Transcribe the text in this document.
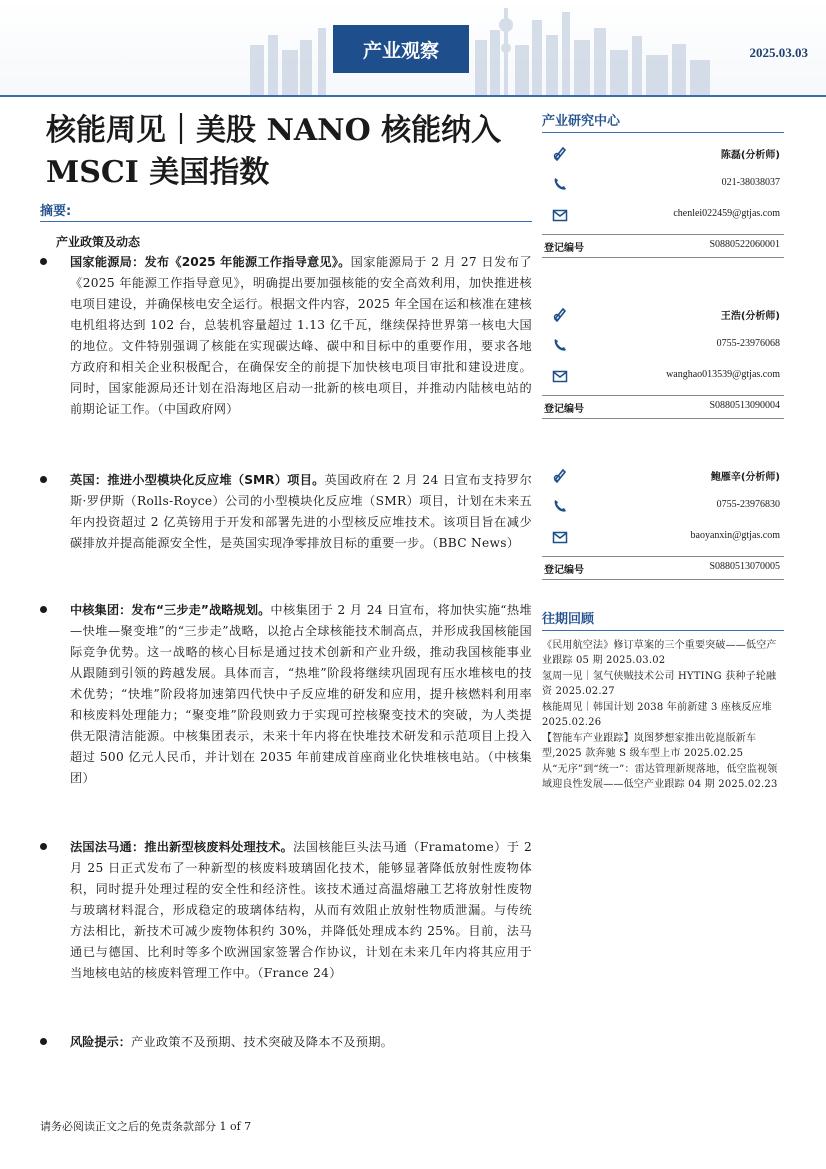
产业观察	2025.03.03
核能周见｜美股 NANO 核能纳入 MSCI 美国指数
摘要:
产业政策及动态

国家能源局：发布《2025 年能源工作指导意见》。国家能源局于 2 月 27 日发布了《2025 年能源工作指导意见》，明确提出要加强核能的安全高效利用，加快推进核电项目建设，并确保核电安全运行。根据文件内容，2025 年全国在运和核准在建核电机组将达到 102 台，总装机容量超过 1.13 亿千瓦，继续保持世界第一核电大国的地位。文件特别强调了核能在实现碳达峰、碳中和目标中的重要作用，要求各地方政府和相关企业积极配合，在确保安全的前提下加快核电项目审批和建设进度。同时，国家能源局还计划在沿海地区启动一批新的核电项目，并推动内陆核电站的前期论证工作。（中国政府网）

英国：推进小型模块化反应堆（SMR）项目。英国政府在 2 月 24 日宣布支持罗尔斯·罗伊斯（Rolls-Royce）公司的小型模块化反应堆（SMR）项目，计划在未来五年内投资超过 2 亿英镑用于开发和部署先进的小型核反应堆技术。该项目旨在减少碳排放并提高能源安全性，是英国实现净零排放目标的重要一步。（BBC News）

中核集团：发布“三步走”战略规划。中核集团于 2 月 24 日宣布，将加快实施“热堆—快堆—聚变堆”的“三步走”战略，以抢占全球核能技术制高点，并形成我国核能国际竞争优势。这一战略的核心目标是通过技术创新和产业升级，推动我国核能事业从跟随到引领的跨越发展。具体而言，“热堆”阶段将继续巩固现有压水堆核电的技术优势；“快堆”阶段将加速第四代快中子反应堆的研发和应用，提升核燃料利用率和核废料处理能力；“聚变堆”阶段则致力于实现可控核聚变技术的突破，为人类提供无限清洁能源。中核集团表示，未来十年内将在快堆技术研发和示范项目上投入超过 500 亿元人民币，并计划在 2035 年前建成首座商业化快堆核电站。（中核集团）

法国法马通：推出新型核废料处理技术。法国核能巨头法马通（Framatome）于 2 月 25 日正式发布了一种新型的核废料玻璃固化技术，能够显著降低放射性废物体积，同时提升处理过程的安全性和经济性。该技术通过高温熔融工艺将放射性废物与玻璃材料混合，形成稳定的玻璃体结构，从而有效阻止放射性物质泄漏。与传统方法相比，新技术可减少废物体积约 30%，并降低处理成本约 25%。目前，法马通已与德国、比利时等多个欧洲国家签署合作协议，计划在未来几年内将其应用于当地核电站的核废料管理工作中。（France 24）

风险提示：产业政策不及预期、技术突破及降本不及预期。

产业研究中心
陈磊(分析师)
021-38038037
chenlei022459@gtjas.com
登记编号	S0880522060001
王浩(分析师)
0755-23976068
wanghao013539@gtjas.com
登记编号	S0880513090004
鲍雁辛(分析师)
0755-23976830
baoyanxin@gtjas.com
登记编号	S0880513070005
往期回顾
《民用航空法》修订草案的三个重要突破——低空产业跟踪 05 期 2025.03.02
氢周一见｜氢气侠贼技术公司 HYTING 获种子轮融资 2025.02.27
核能周见｜韩国计划 2038 年前新建 3 座核反应堆 2025.02.26
【智能车产业跟踪】岚图梦想家推出乾崑版新车型,2025 款奔驰 S 级车型上市 2025.02.25
从“无序”到“统一”：雷达管理新规落地，低空监视领域迎良性发展——低空产业跟踪 04 期 2025.02.23
请务必阅读正文之后的免责条款部分 1 of 7
